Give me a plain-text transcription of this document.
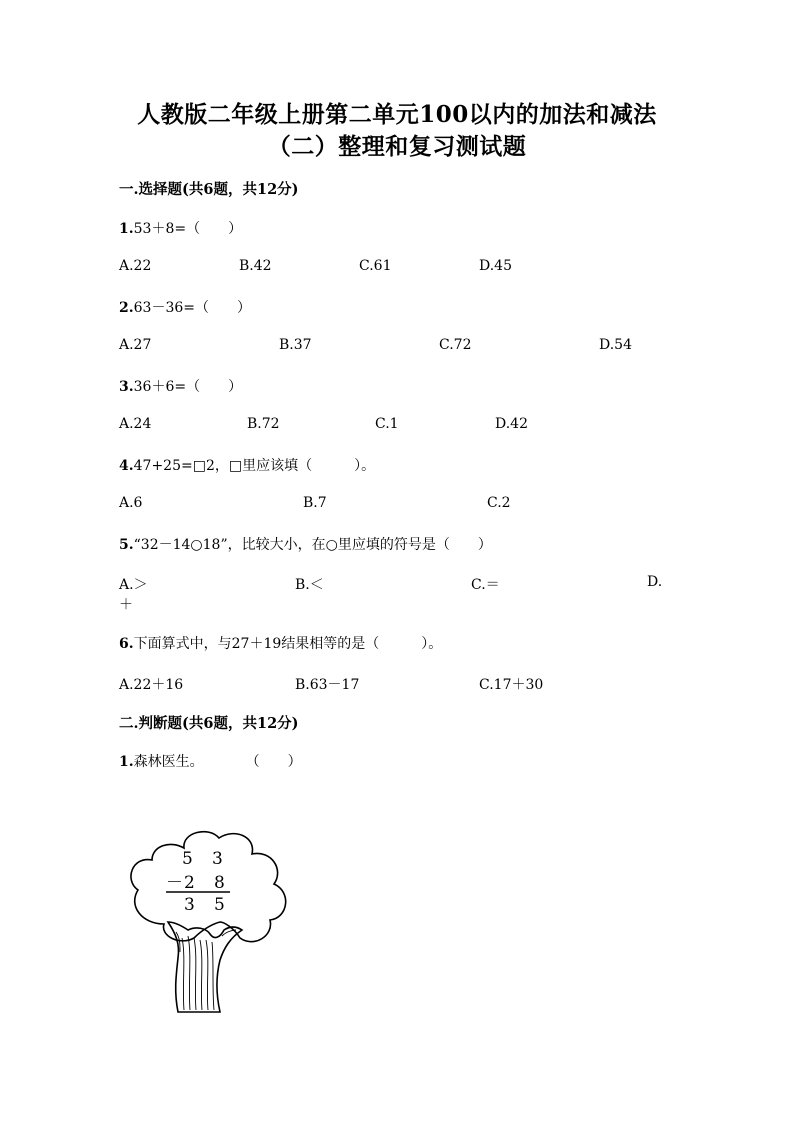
人教版二年级上册第二单元100以内的加法和减法
（二）整理和复习测试题
一.选择题(共6题，共12分)
1.53＋8=（　　）
A.22	B.42	C.61	D.45
2.63－36=（　　）
A.27	B.37	C.72	D.54
3.36＋6=（　　）
A.24	B.72	C.1	D.42
4.47+25=□2，□里应该填（　　　）。
A.6	B.7	C.2
5.“32－14○18”，比较大小，在○里应填的符号是（　　）
A.＞	B.＜	C.＝	D.
＋
6.下面算式中，与27＋19结果相等的是（　　　）。
A.22＋16	B.63－17	C.17＋30
二.判断题(共6题，共12分)
1.森林医生。　　　　（　　）
5 3
－ 2 8
3 5
